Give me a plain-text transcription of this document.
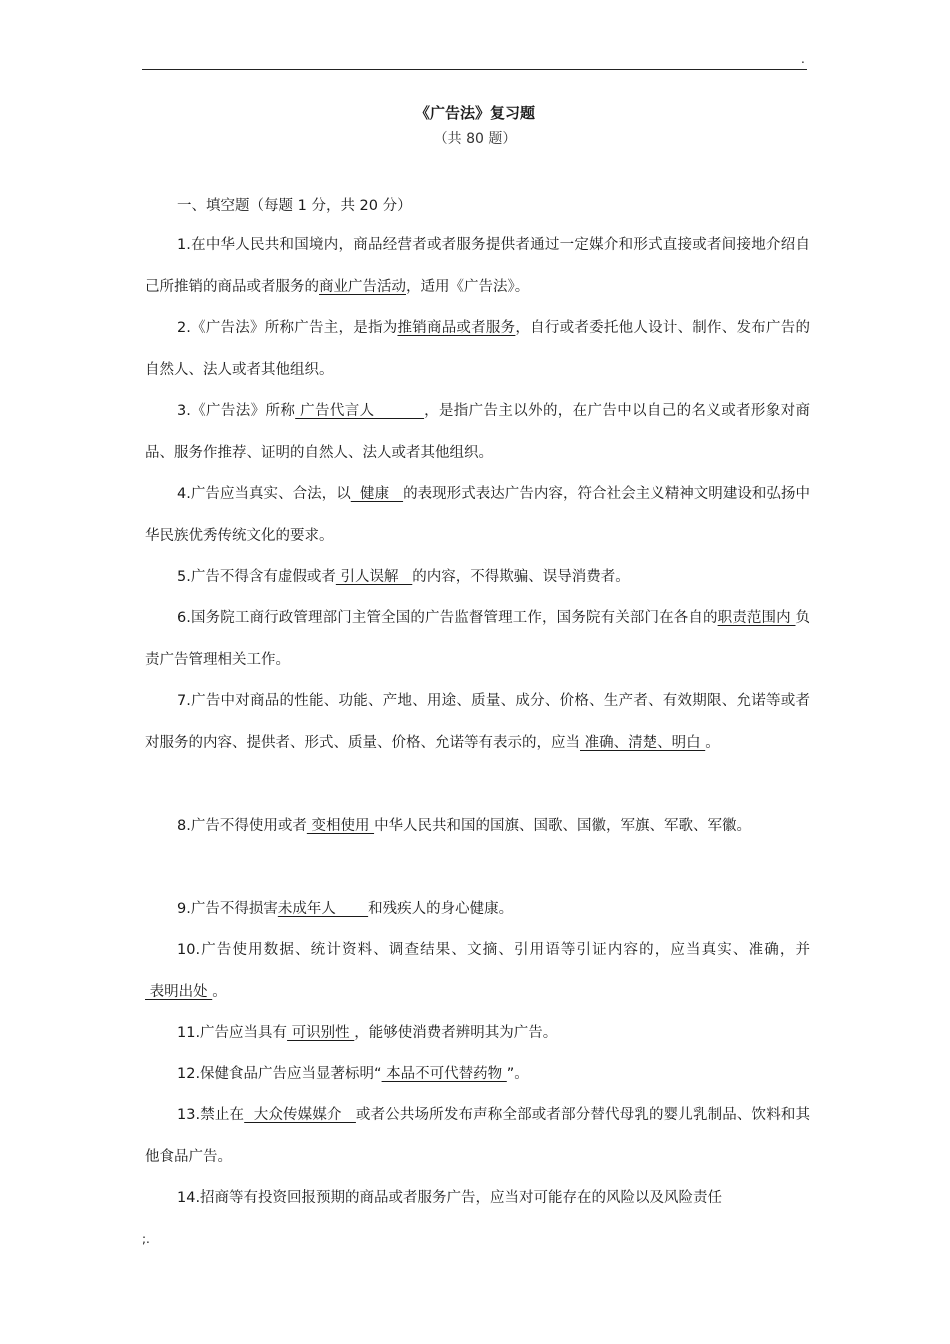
.
《广告法》复习题
（共 80 题）
一、填空题（每题 1 分，共 20 分）

1.在中华人民共和国境内，商品经营者或者服务提供者通过一定媒介和形式直接或者间接地介绍自己所推销的商品或者服务的商业广告活动，适用《广告法》。

2.《广告法》所称广告主，是指为推销商品或者服务，自行或者委托他人设计、制作、发布广告的自然人、法人或者其他组织。

3.《广告法》所称 广告代言人          ，是指广告主以外的，在广告中以自己的名义或者形象对商品、服务作推荐、证明的自然人、法人或者其他组织。

4.广告应当真实、合法，以  健康   的表现形式表达广告内容，符合社会主义精神文明建设和弘扬中华民族优秀传统文化的要求。

5.广告不得含有虚假或者 引人误解   的内容，不得欺骗、误导消费者。

6.国务院工商行政管理部门主管全国的广告监督管理工作，国务院有关部门在各自的职责范围内 负责广告管理相关工作。

7.广告中对商品的性能、功能、产地、用途、质量、成分、价格、生产者、有效期限、允诺等或者对服务的内容、提供者、形式、质量、价格、允诺等有表示的，应当 准确、清楚、明白 。

8.广告不得使用或者 变相使用 中华人民共和国的国旗、国歌、国徽，军旗、军歌、军徽。

9.广告不得损害未成年人       和残疾人的身心健康。

10.广告使用数据、统计资料、调查结果、文摘、引用语等引证内容的，应当真实、准确，并 表明出处 。

11.广告应当具有 可识别性 ，能够使消费者辨明其为广告。

12.保健食品广告应当显著标明“ 本品不可代替药物 ”。

13.禁止在  大众传媒媒介   或者公共场所发布声称全部或者部分替代母乳的婴儿乳制品、饮料和其他食品广告。

14.招商等有投资回报预期的商品或者服务广告，应当对可能存在的风险以及风险责任

;.
